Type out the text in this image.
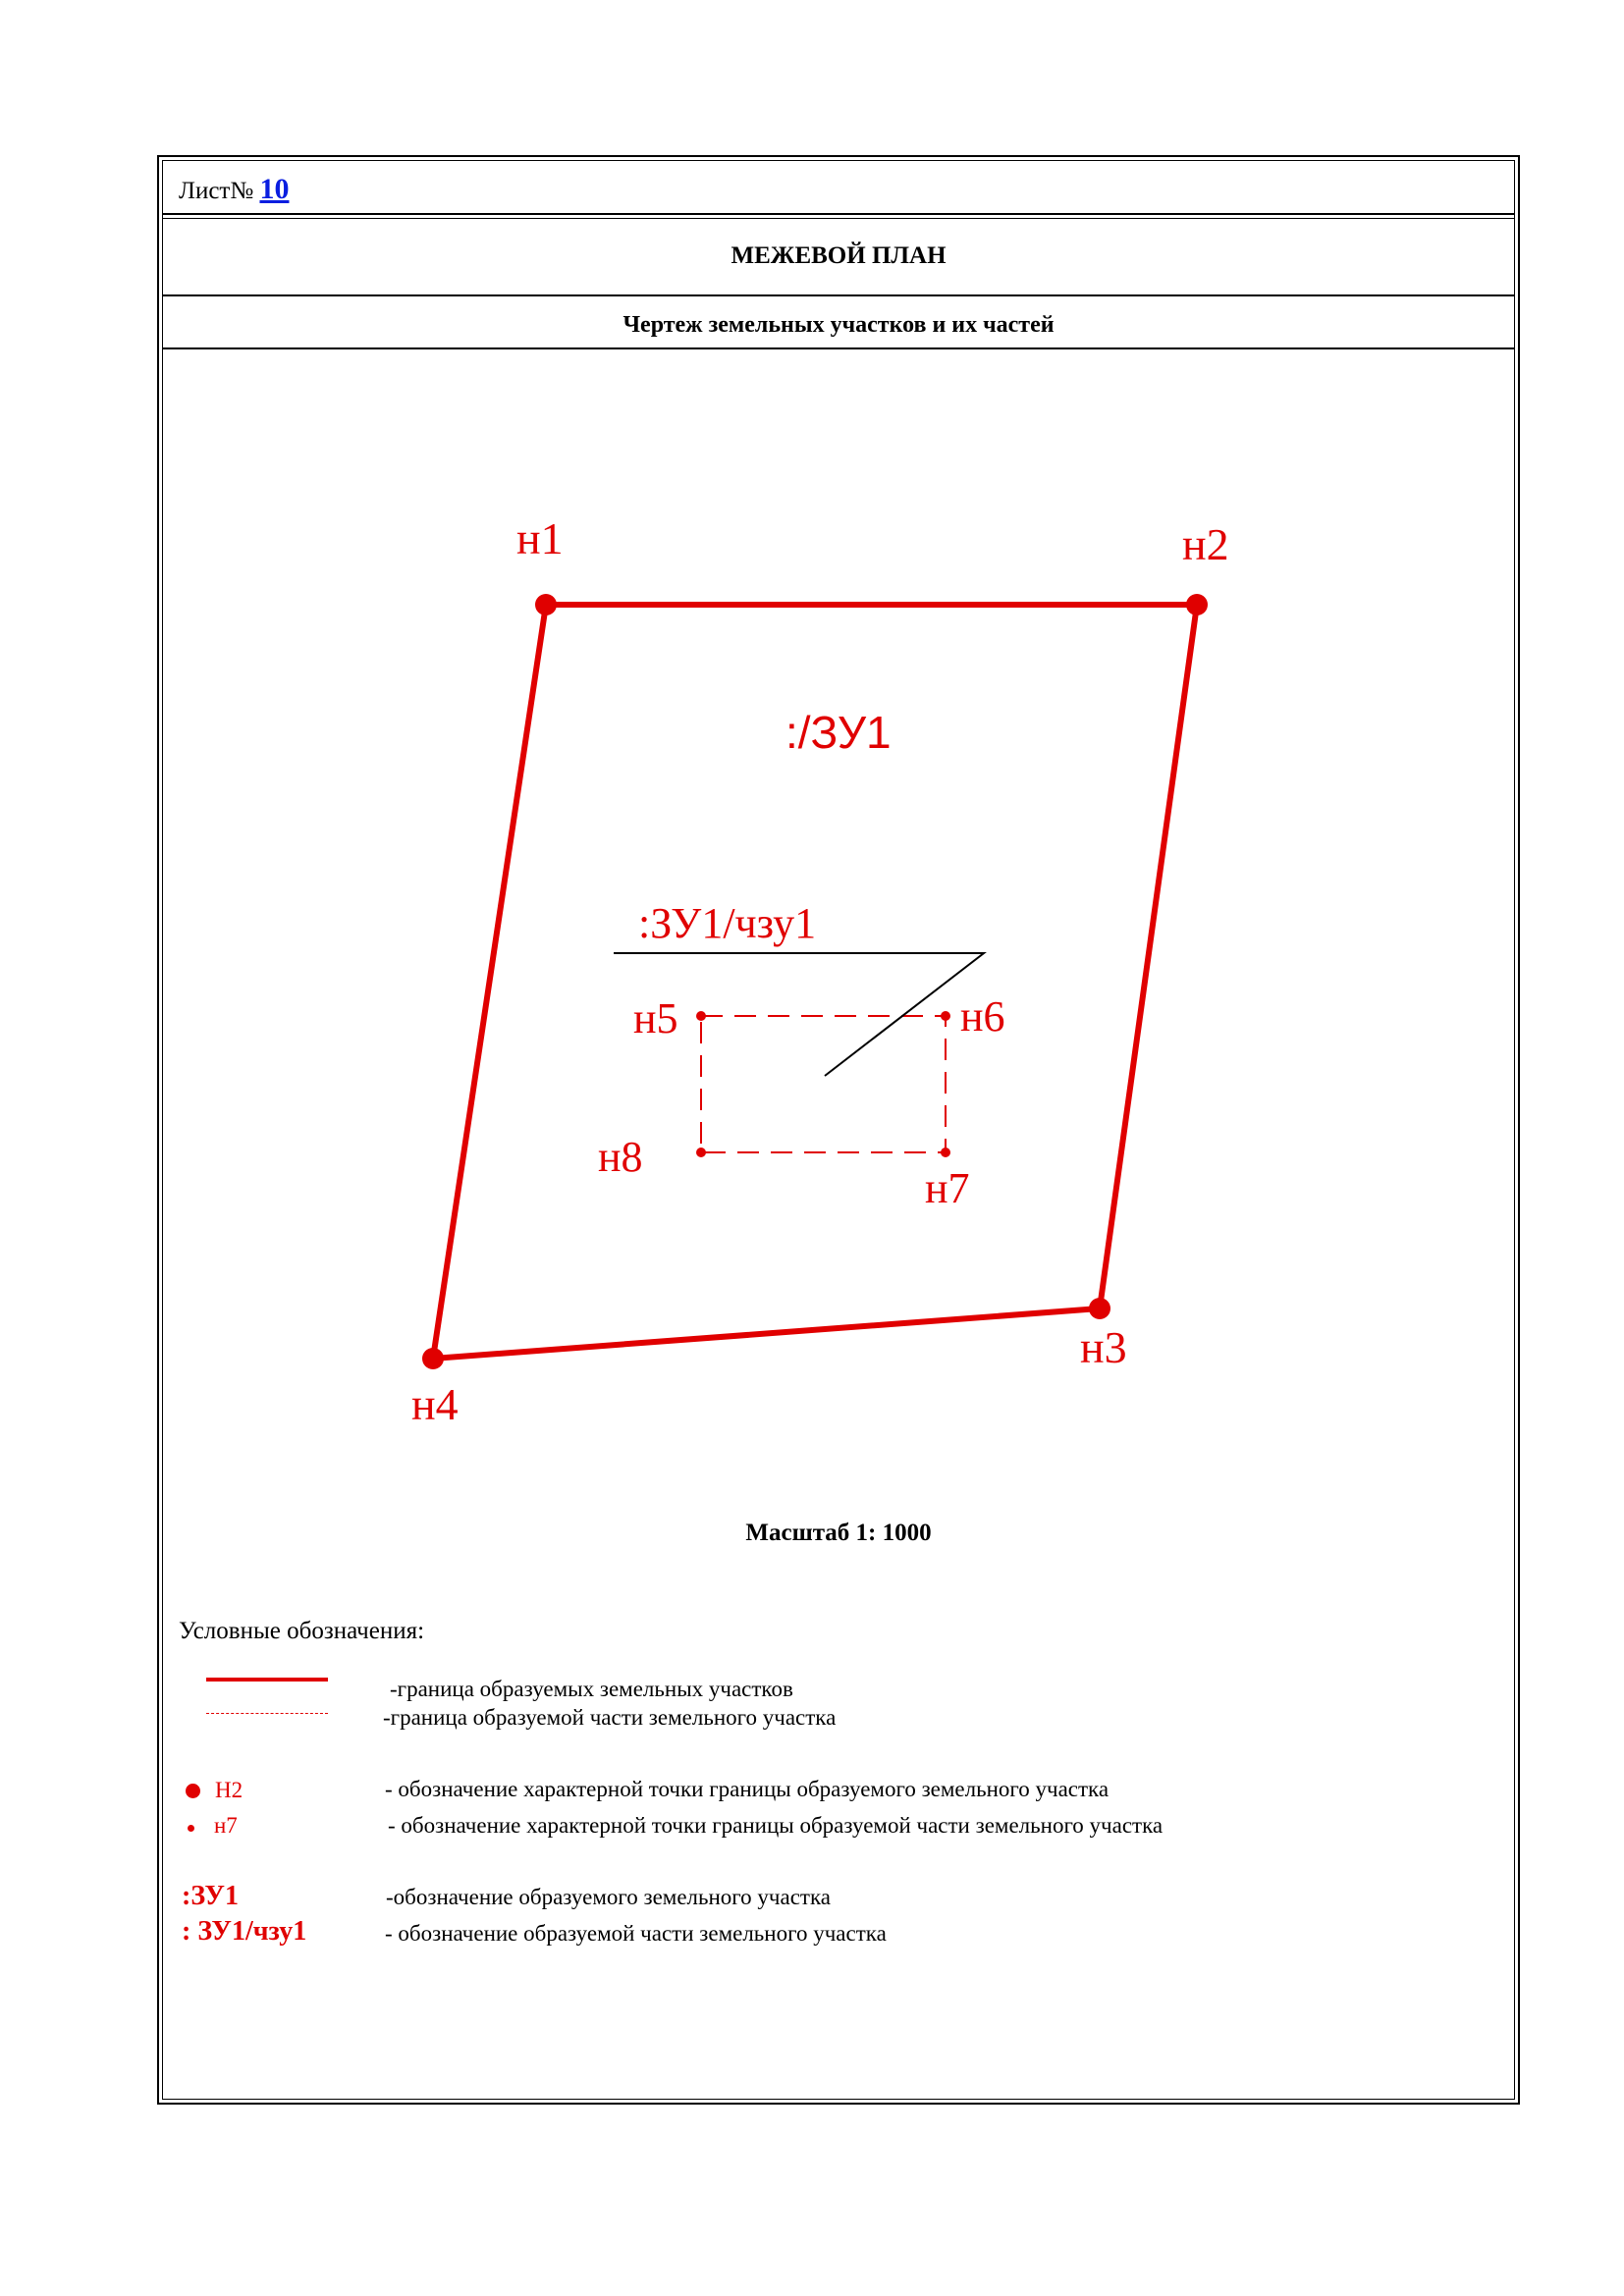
Лист№ 10
МЕЖЕВОЙ ПЛАН
Чертеж земельных участков и их частей
н1	н2
н3
н4
н5	н6
н7
н8
:/ЗУ1
:ЗУ1/чзу1
Масштаб 1: 1000
Условные обозначения:
-граница образуемых земельных участков
-граница образуемой части земельного участка
Н2	- обозначение характерной точки границы образуемого земельного участка
н7	- обозначение характерной точки границы образуемой части земельного участка
:ЗУ1	-обозначение образуемого земельного участка
: ЗУ1/чзу1	- обозначение образуемой части земельного участка
